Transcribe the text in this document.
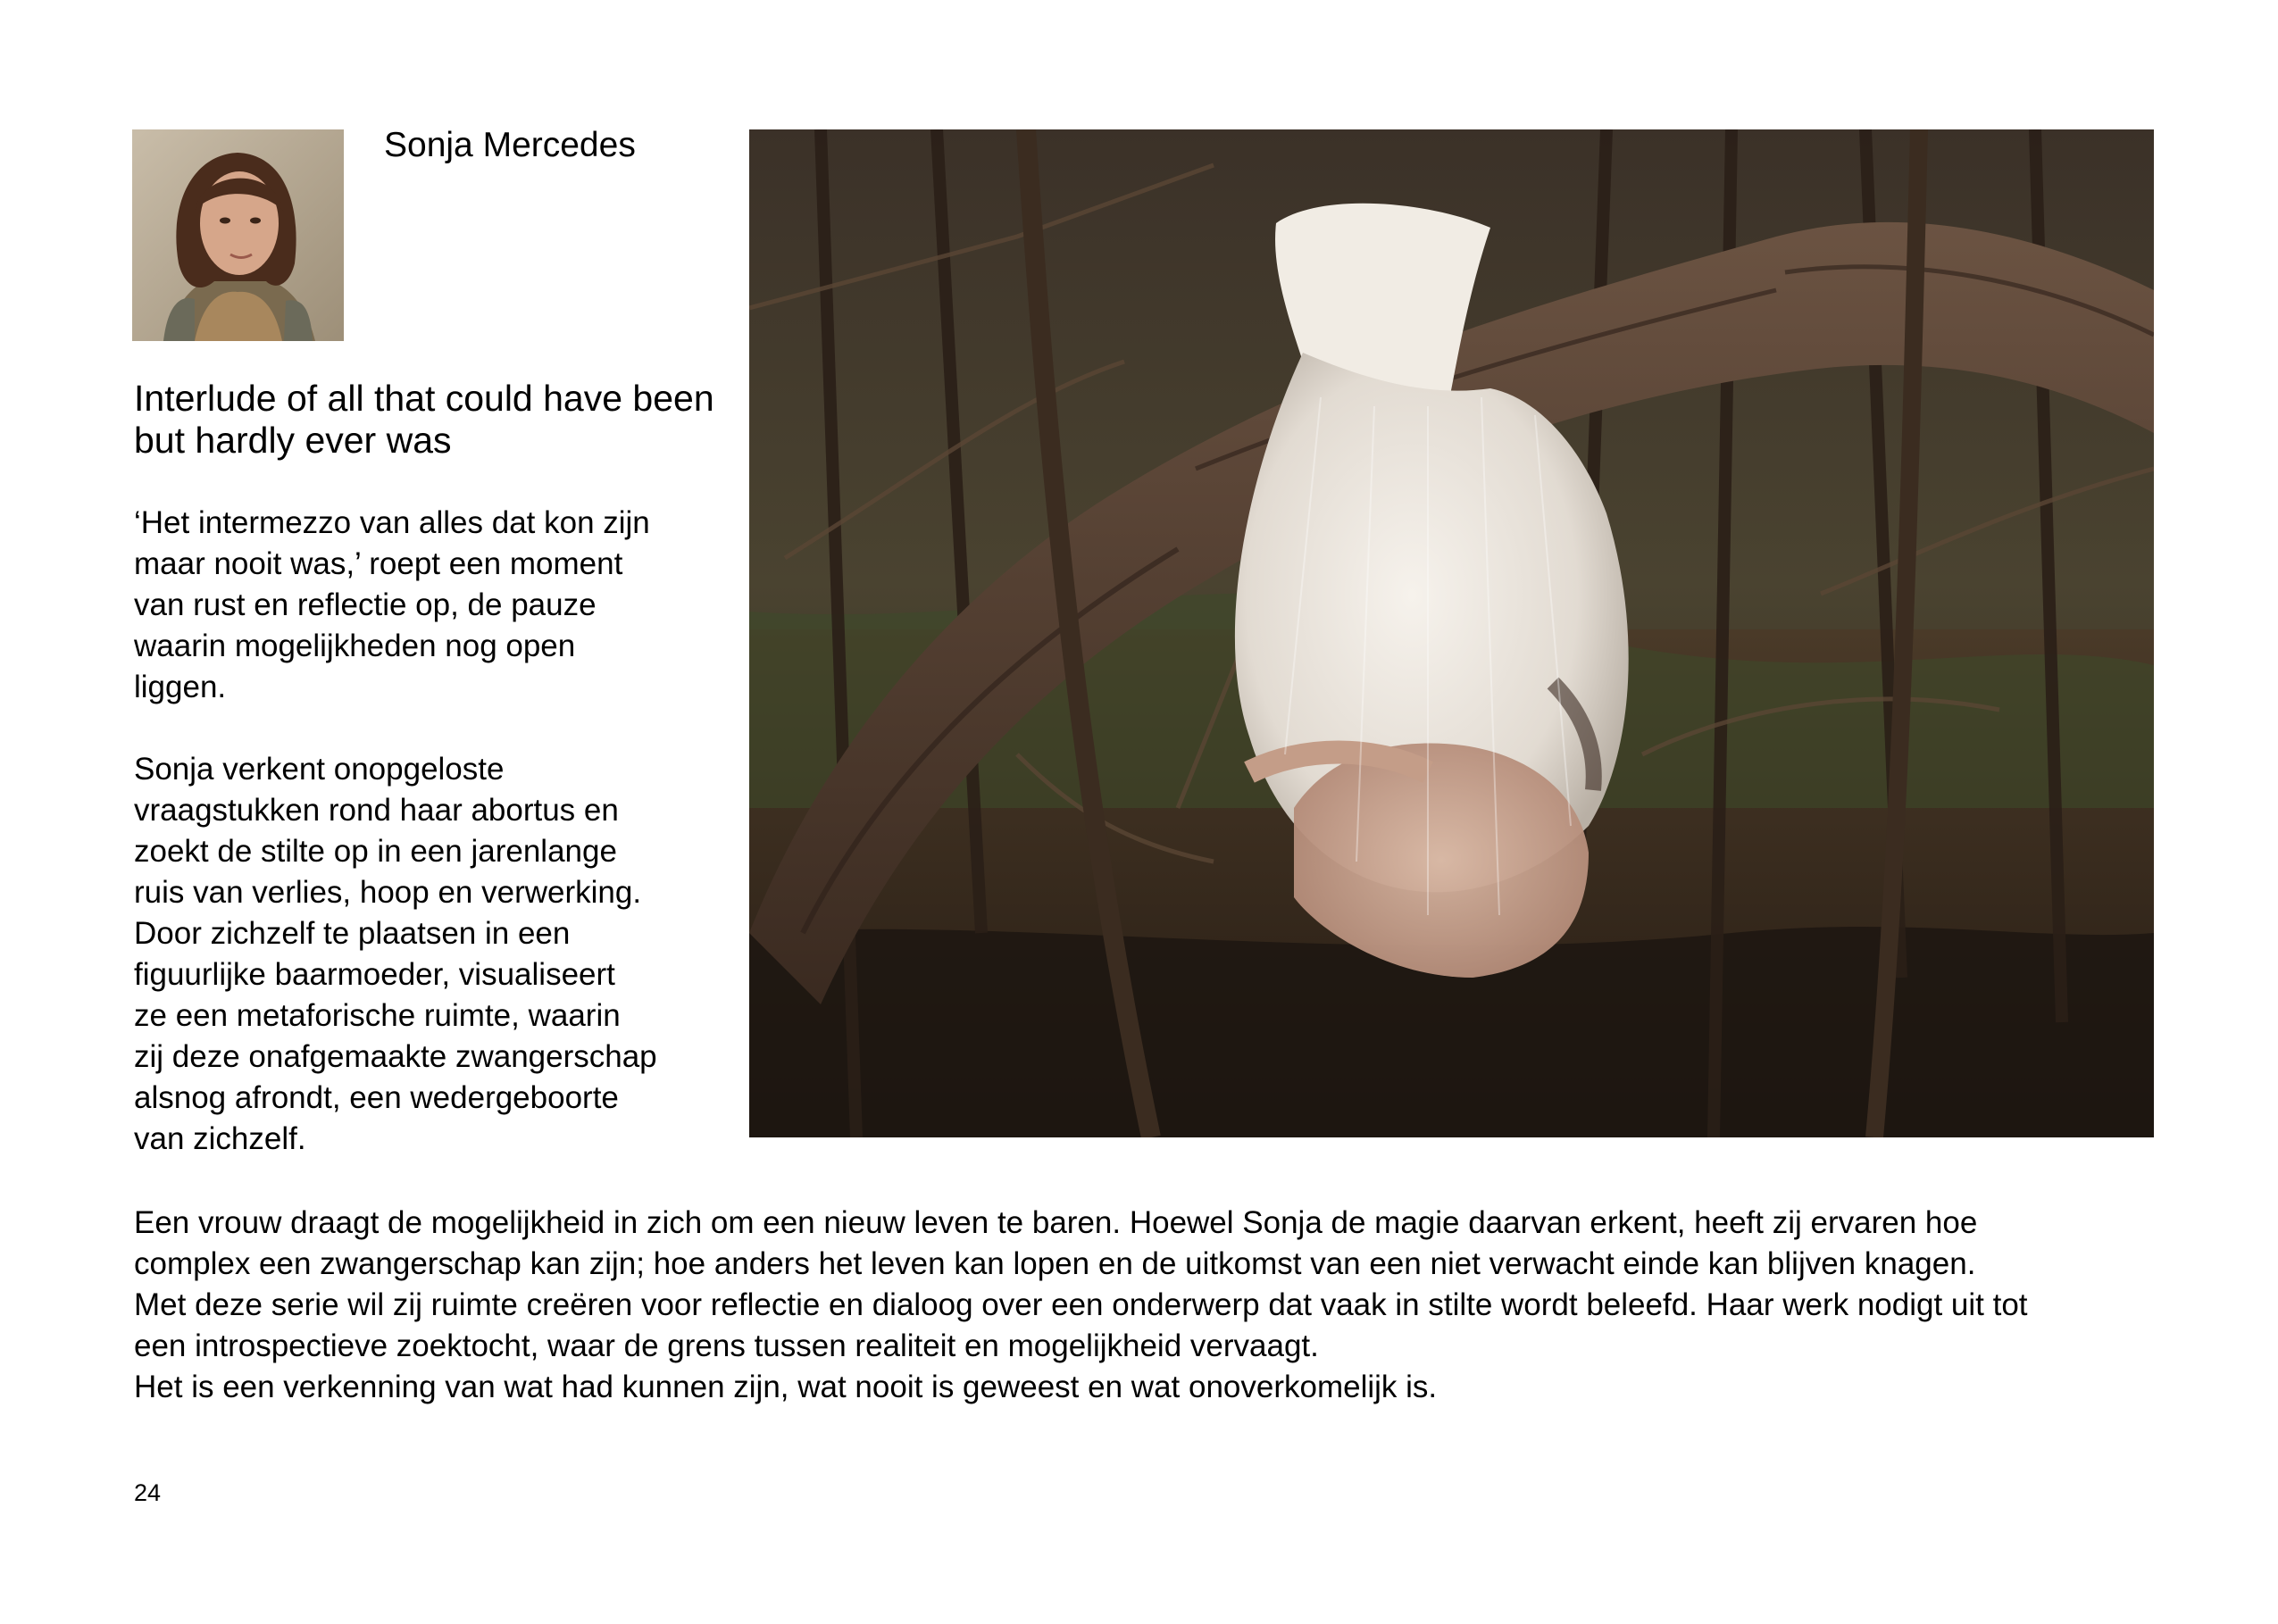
Sonja Mercedes
Interlude of all that could have been
but hardly ever was

‘Het intermezzo van alles dat kon zijn
maar nooit was,’ roept een moment
van rust en reflectie op, de pauze
waarin mogelijkheden nog open
liggen.

Sonja verkent onopgeloste
vraagstukken rond haar abortus en
zoekt de stilte op in een jarenlange
ruis van verlies, hoop en verwerking.
Door zichzelf te plaatsen in een
figuurlijke baarmoeder, visualiseert
ze een metaforische ruimte, waarin
zij deze onafgemaakte zwangerschap
alsnog afrondt, een wedergeboorte
van zichzelf.

Een vrouw draagt de mogelijkheid in zich om een nieuw leven te baren. Hoewel Sonja de magie daarvan erkent, heeft zij ervaren hoe

complex een zwangerschap kan zijn; hoe anders het leven kan lopen en de uitkomst van een niet verwacht einde kan blijven knagen.

Met deze serie wil zij ruimte creëren voor reflectie en dialoog over een onderwerp dat vaak in stilte wordt beleefd. Haar werk nodigt uit tot

een introspectieve zoektocht, waar de grens tussen realiteit en mogelijkheid vervaagt.

Het is een verkenning van wat had kunnen zijn, wat nooit is geweest en wat onoverkomelijk is.

24
